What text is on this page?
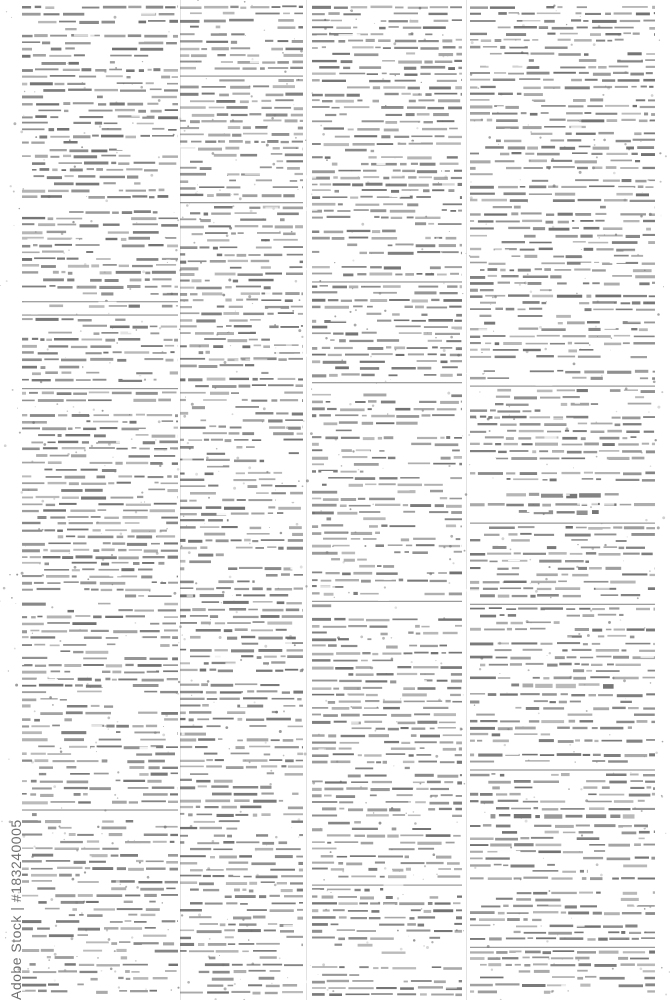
Adobe Stock | #183240005
